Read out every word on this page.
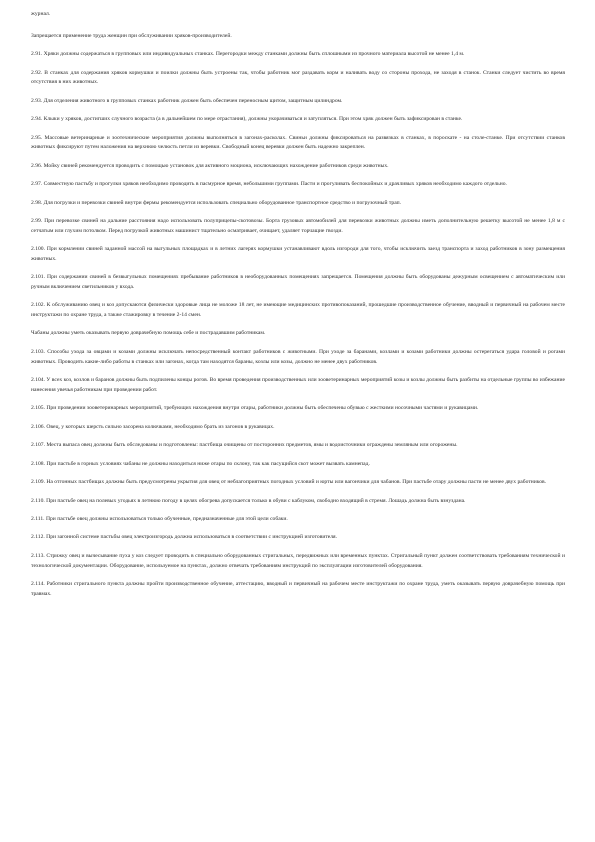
журнал.

Запрещается применение труда женщин при обслуживании хряков-производителей.

2.91. Хряки должны содержаться в групповых или индивидуальных станках. Перегородки между станками должны быть сплошными из прочного материала высотой не менее 1,4 м.

2.92. В станках для содержания хряков кормушки и поилки должны быть устроены так, чтобы работник мог раздавать корм и наливать воду со стороны прохода, не заходя в станок. Станки следует чистить во время отсутствия в них животных.

2.93. Для отделения животного в групповых станках работник должен быть обеспечен переносным щитом, защитным цилиндром.

2.94. Клыки у хряков, достигших случного возраста (а в дальнейшем по мере отрастания), должны укорачиваться и затупляться. При этом хряк должен быть зафиксирован в станке.

2.95. Массовые ветеринарные и зоотехнические мероприятия должны выполняться в загонах-расколах. Свиньи должны фиксироваться на развязках в станках, в пороскате - на столе-станке. При отсутствии станков животных фиксируют путем наложения на верхнюю челюсть петли из веревки. Свободный конец веревки должен быть надежно закреплен.

2.96. Мойку свиней рекомендуется проводить с помощью установок для активного моциона, исключающих нахождение работников среди животных.

2.97. Совместную пастьбу и прогулки хряков необходимо проводить в пасмурное время, небольшими группами. Пасти и прогуливать беспокойных и драчливых хряков необходимо каждого отдельно.

2.98. Для погрузки и перевозки свиней внутри фермы рекомендуется использовать специально оборудованное транспортное средство и погрузочный трап.

2.99. При перевозке свиней на дальние расстояния надо использовать полуприцепы-скотовозы. Борта грузовых автомобилей для перевозки животных должны иметь дополнительную решетку высотой не менее 1,8 м с сетчатым или глухим потолком. Перед погрузкой животных машинист тщательно осматривает, очищает, удаляет торчащие гвозди.

2.100. При кормлении свиней заданной массой на выгульных площадках и в летних лагерях кормушки устанавливают вдоль изгороди для того, чтобы исключить заезд транспорта и заход работников в зону размещения животных.

2.101. При содержании свиней в безвыгульных помещениях пребывание работников в необорудованных помещениях запрещается. Помещения должны быть оборудованы дежурным освещением с автоматическим или ручным включением светильников у входа.

2.102. К обслуживанию овец и коз допускаются физически здоровые лица не моложе 18 лет, не имеющие медицинских противопоказаний, прошедшие производственное обучение, вводный и первичный на рабочем месте инструктажи по охране труда, а также стажировку в течение 2-14 смен.

Чабаны должны уметь оказывать первую доврачебную помощь себе и пострадавшим работникам.

2.103. Способы ухода за овцами и козами должны исключать непосредственный контакт работников с животными. При уходе за баранами, козлами и козами работники должны остерегаться удара головой и рогами животных. Проводить какие-либо работы в станках или загонах, когда там находятся бараны, козлы или козы, должно не менее двух работников.

2.104. У всех коз, козлов и баранов должны быть подпилены концы рогов. Во время проведения производственных или зооветеринарных мероприятий козы и козлы должны быть разбиты на отдельные группы во избежание нанесения увечья работникам при проведении работ.

2.105. При проведении зооветеринарных мероприятий, требующих нахождения внутри отары, работники должны быть обеспечены обувью с жесткими носочными частями и рукавицами.

2.106. Овец, у которых шерсть сильно засорена колючками, необходимо брать из загонов в рукавицах.

2.107. Места выпаса овец должны быть обследованы и подготовлены: пастбища очищены от посторонних предметов, ямы и водоисточники ограждены земляным или огорожены.

2.108. При пастьбе в горных условиях чабаны не должны находиться ниже отары по склону, так как пасущийся скот может вызвать камнепад.

2.109. На отгонных пастбищах должны быть предусмотрены укрытия для овец от неблагоприятных погодных условий и юрты или вагончики для чабанов. При пастьбе отару должны пасти не менее двух работников.

2.110. При пастьбе овец на полевых угодьях в летнюю погоду в целях обогрева допускается только в обуви с каблуком, свободно входящий в стремя. Лошадь должна быть взнуздана.

2.111. При пастьбе овец должны использоваться только обученные, предназначенные для этой цели собаки.

2.112. При загонной системе пастьбы овец электроизгородь должна использоваться в соответствии с инструкцией изготовителя.

2.113. Стрижку овец и вычесывание пуха у коз следует проводить в специально оборудованных стригальных, передвижных или временных пунктах. Стригальный пункт должен соответствовать требованиям технической и технологической документации. Оборудование, используемое на пунктах, должно отвечать требованиям инструкций по эксплуатации изготовителей оборудования.

2.114. Работники стригального пункта должны пройти производственное обучение, аттестацию, вводный и первичный на рабочем месте инструктажи по охране труда, уметь оказывать первую доврачебную помощь при травмах.
